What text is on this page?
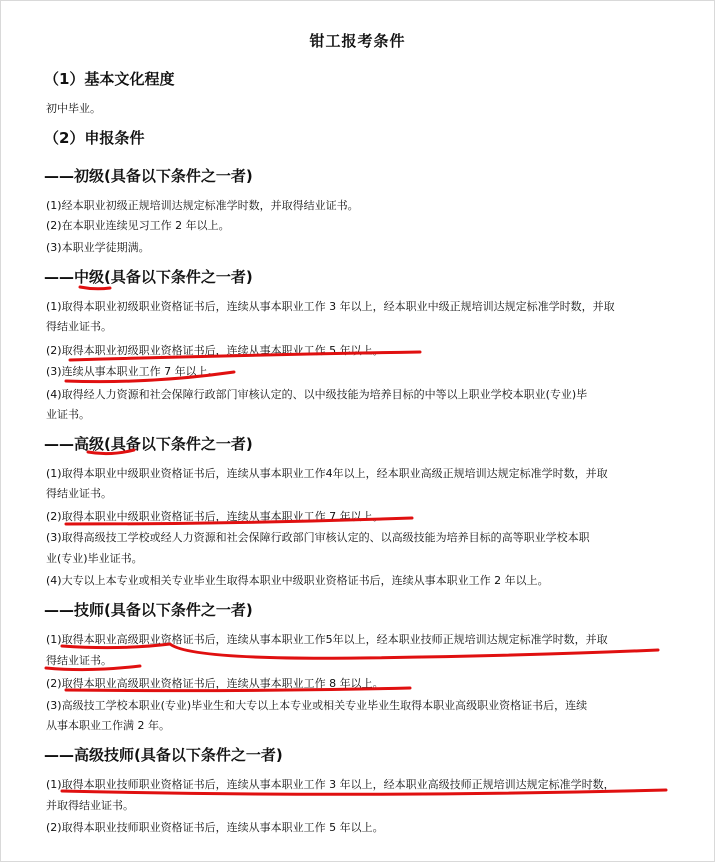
钳工报考条件
（1）基本文化程度
初中毕业。
（2）申报条件
——初级(具备以下条件之一者)
(1)经本职业初级正规培训达规定标准学时数，并取得结业证书。
(2)在本职业连续见习工作 2 年以上。
(3)本职业学徒期满。
——中级(具备以下条件之一者)
(1)取得本职业初级职业资格证书后，连续从事本职业工作 3 年以上，经本职业中级正规培训达规定标准学时数，并取
得结业证书。
(2)取得本职业初级职业资格证书后，连续从事本职业工作 5 年以上。
(3)连续从事本职业工作 7 年以上。
(4)取得经人力资源和社会保障行政部门审核认定的、以中级技能为培养目标的中等以上职业学校本职业(专业)毕
业证书。
——高级(具备以下条件之一者)
(1)取得本职业中级职业资格证书后，连续从事本职业工作4年以上，经本职业高级正规培训达规定标准学时数，并取
得结业证书。
(2)取得本职业中级职业资格证书后，连续从事本职业工作 7 年以上。
(3)取得高级技工学校或经人力资源和社会保障行政部门审核认定的、以高级技能为培养目标的高等职业学校本职
业(专业)毕业证书。
(4)大专以上本专业或相关专业毕业生取得本职业中级职业资格证书后，连续从事本职业工作 2 年以上。
——技师(具备以下条件之一者)
(1)取得本职业高级职业资格证书后，连续从事本职业工作5年以上，经本职业技师正规培训达规定标准学时数，并取
得结业证书。
(2)取得本职业高级职业资格证书后，连续从事本职业工作 8 年以上。
(3)高级技工学校本职业(专业)毕业生和大专以上本专业或相关专业毕业生取得本职业高级职业资格证书后，连续
从事本职业工作满 2 年。
——高级技师(具备以下条件之一者)
(1)取得本职业技师职业资格证书后，连续从事本职业工作 3 年以上，经本职业高级技师正规培训达规定标准学时数，
并取得结业证书。
(2)取得本职业技师职业资格证书后，连续从事本职业工作 5 年以上。
